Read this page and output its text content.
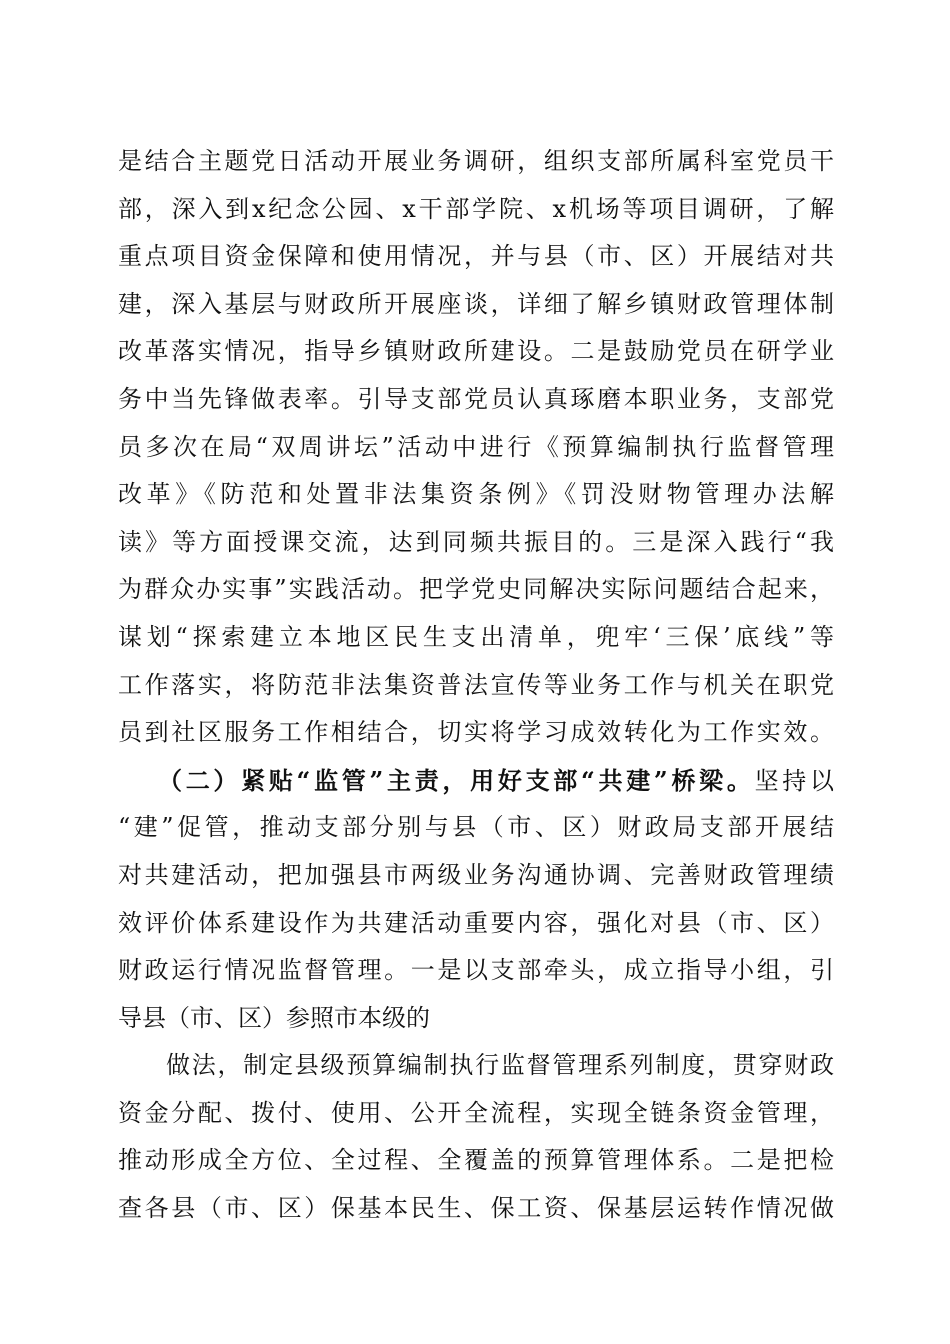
是结合主题党日活动开展业务调研，组织支部所属科室党员干
部，深入到x纪念公园、x干部学院、x机场等项目调研，了解
重点项目资金保障和使用情况，并与县（市、区）开展结对共
建，深入基层与财政所开展座谈，详细了解乡镇财政管理体制
改革落实情况，指导乡镇财政所建设。二是鼓励党员在研学业
务中当先锋做表率。引导支部党员认真琢磨本职业务，支部党
员多次在局“双周讲坛”活动中进行《预算编制执行监督管理
改革》《防范和处置非法集资条例》《罚没财物管理办法解
读》等方面授课交流，达到同频共振目的。三是深入践行“我
为群众办实事”实践活动。把学党史同解决实际问题结合起来，
谋划“探索建立本地区民生支出清单，兜牢‘三保’底线”等
工作落实，将防范非法集资普法宣传等业务工作与机关在职党
员到社区服务工作相结合，切实将学习成效转化为工作实效。
（二）紧贴“监管”主责，用好支部“共建”桥梁。坚持以
“建”促管，推动支部分别与县（市、区）财政局支部开展结
对共建活动，把加强县市两级业务沟通协调、完善财政管理绩
效评价体系建设作为共建活动重要内容，强化对县（市、区）
财政运行情况监督管理。一是以支部牵头，成立指导小组，引
导县（市、区）参照市本级的
做法，制定县级预算编制执行监督管理系列制度，贯穿财政
资金分配、拨付、使用、公开全流程，实现全链条资金管理，
推动形成全方位、全过程、全覆盖的预算管理体系。二是把检
查各县（市、区）保基本民生、保工资、保基层运转作情况做
